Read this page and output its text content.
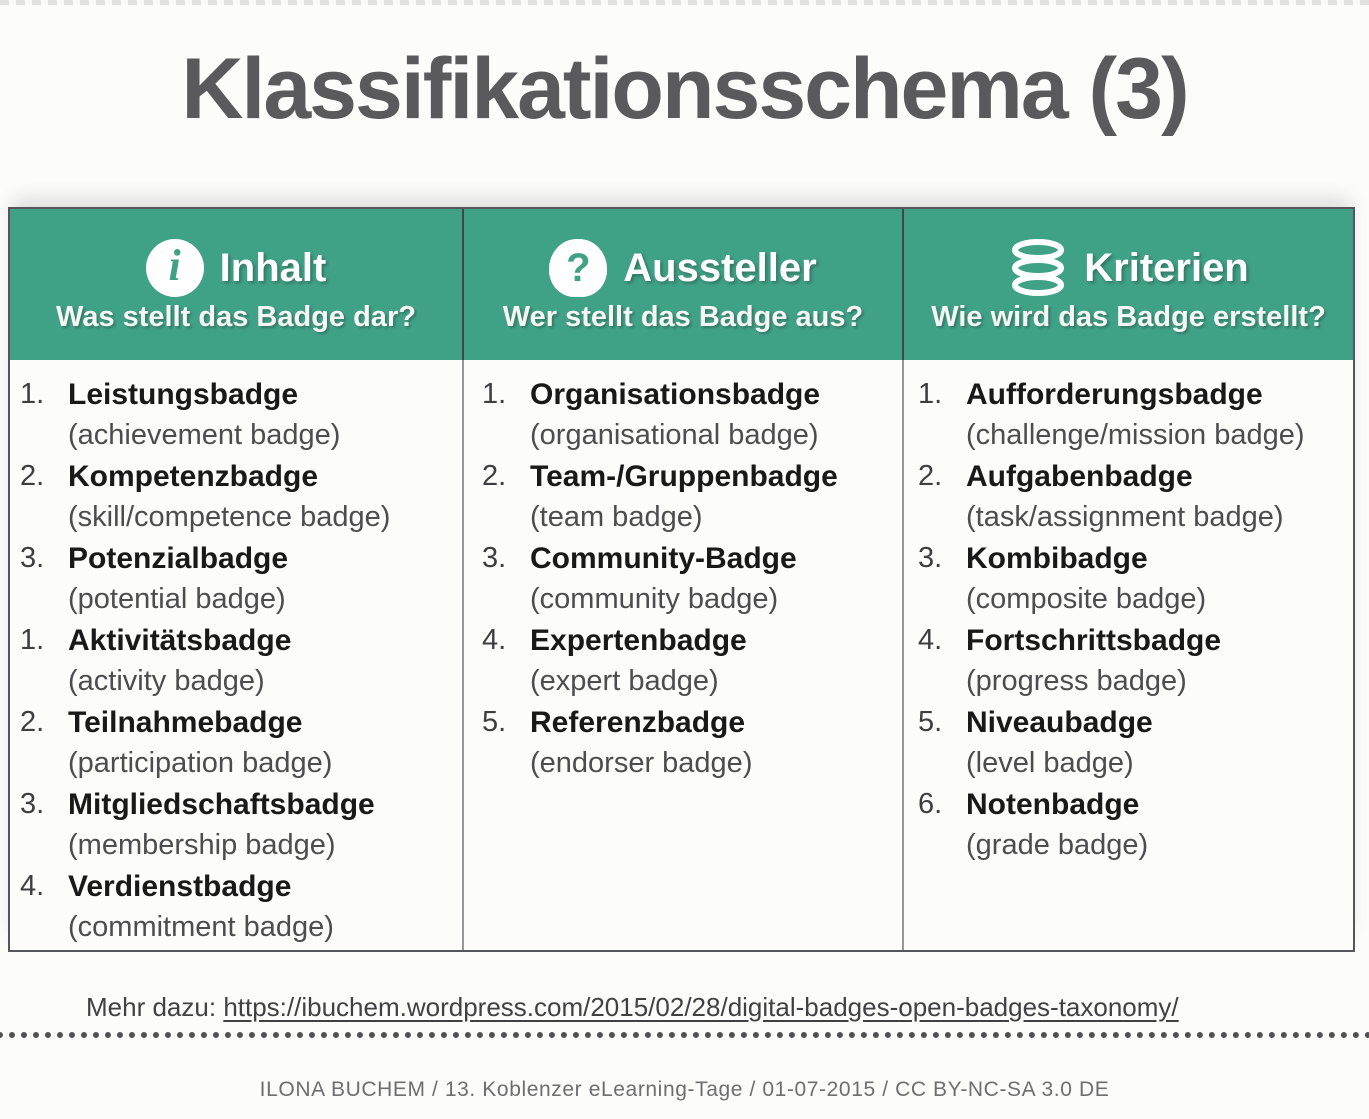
Klassifikationsschema (3)
i Inhalt
Was stellt das Badge dar?
? Aussteller
Wer stellt das Badge aus?
Kriterien
Wie wird das Badge erstellt?
1. Leistungsbadge
(achievement badge)
2. Kompetenzbadge
(skill/competence badge)
3. Potenzialbadge
(potential badge)
1. Aktivitätsbadge
(activity badge)
2. Teilnahmebadge
(participation badge)
3. Mitgliedschaftsbadge
(membership badge)
4. Verdienstbadge
(commitment badge)
1. Organisationsbadge
(organisational badge)
2. Team-/Gruppenbadge
(team badge)
3. Community-Badge
(community badge)
4. Expertenbadge
(expert badge)
5. Referenzbadge
(endorser badge)
1. Aufforderungsbadge
(challenge/mission badge)
2. Aufgabenbadge
(task/assignment badge)
3. Kombibadge
(composite badge)
4. Fortschrittsbadge
(progress badge)
5. Niveaubadge
(level badge)
6. Notenbadge
(grade badge)
Mehr dazu: https://ibuchem.wordpress.com/2015/02/28/digital-badges-open-badges-taxonomy/
ILONA BUCHEM / 13. Koblenzer eLearning-Tage / 01-07-2015 / CC BY-NC-SA 3.0 DE
